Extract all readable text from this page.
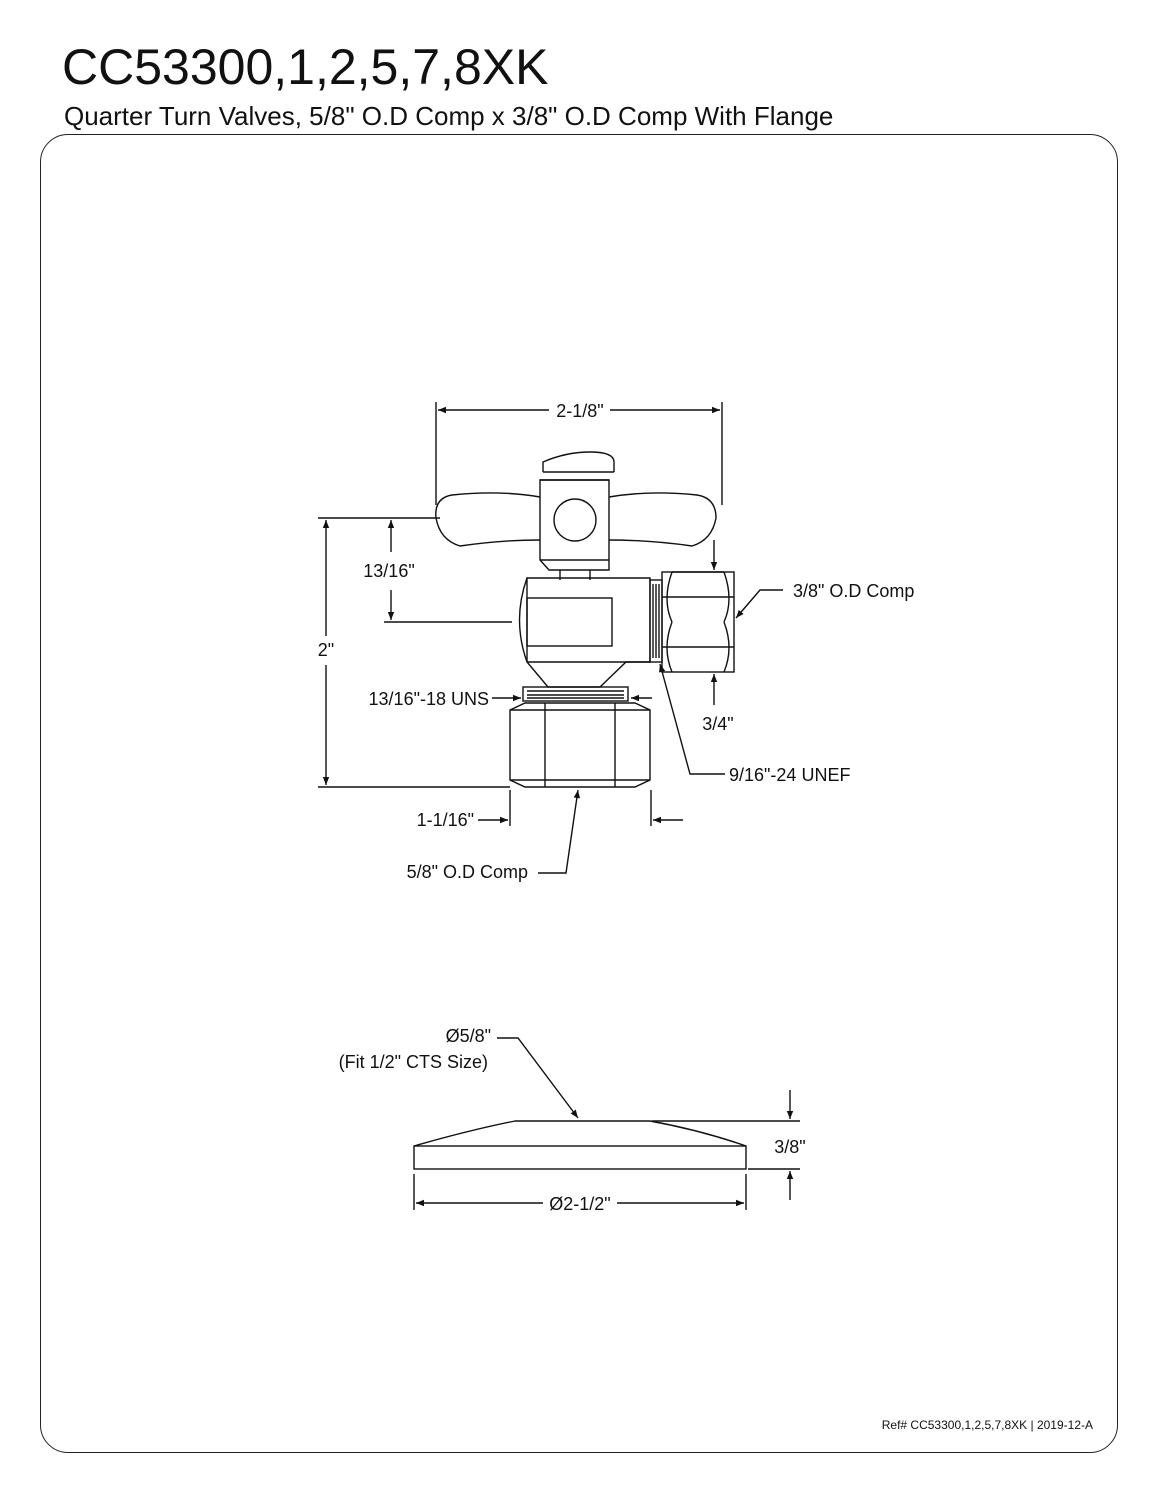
CC53300,1,2,5,7,8XK
Quarter Turn Valves, 5/8" O.D Comp x 3/8" O.D Comp With Flange
2-1/8"
13/16"
2"
13/16"-18 UNS
3/8" O.D Comp
3/4"
9/16"-24 UNEF
1-1/16"
5/8" O.D Comp
Ø5/8"
(Fit 1/2" CTS Size)
3/8"
Ø2-1/2"
Ref# CC53300,1,2,5,7,8XK | 2019-12-A
